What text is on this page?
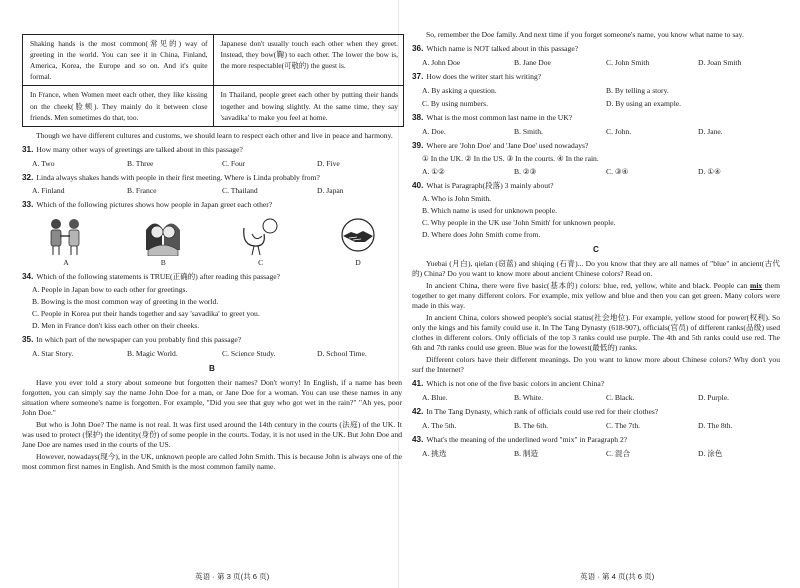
Shaking hands is the most common(常见的) way of greeting in the world. You can see it in China, Finland, America, Korea, the Europe and so on. And it's quite formal.	Japanese don't usually touch each other when they greet. Instead, they bow(鞠) to each other. The lower the bow is, the more respectable(可敬的) the guest is.
In France, when Women meet each other, they like kissing on the cheek(脸颊). They mainly do it between close friends. Men sometimes do that, too.	In Thailand, people greet each other by putting their hands together and bowing slightly. At the same time, they say 'savadika' to make you feel at home.

Though we have different cultures and customs, we should learn to respect each other and live in peace and harmony.

31. How many other ways of greetings are talked about in this passage?
A. Two	B. Three	C. Four	D. Five
32. Linda always shakes hands with people in their first meeting. Where is Linda probably from?
A. Finland	B. France	C. Thailand	D. Japan
33. Which of the following pictures shows how people in Japan greet each other?
A	B	C	D
34. Which of the following statements is TRUE(正确的) after reading this passage?
A. People in Japan bow to each other for greetings.
B. Bowing is the most common way of greeting in the world.
C. People in Korea put their hands together and say 'savadika' to greet you.
D. Men in France don't kiss each other on their cheeks.
35. In which part of the newspaper can you probably find this passage?
A. Star Story.	B. Magic World.	C. Science Study.	D. School Time.
B

Have you ever told a story about someone but forgotten their names? Don't worry! In English, if a name has been forgotten, you can simply say the name John Doe for a man, or Jane Doe for a woman. You can use these names in any situation where someone's name is forgotten. For example, "Did you see that guy who got wet in the rain?" "Ah yes, poor John Doe."

But who is John Doe? The name is not real. It was first used around the 14th century in the courts (法庭) of the UK. It was used to protect (保护) the identity(身份) of some people in the courts. Today, it is not used in the UK. But John Doe and Jane Doe are names used in the courts of the US.

However, nowadays(现今), in the UK, unknown people are called John Smith. This is because John is always one of the most common first names in English. And Smith is the most common family name.

英语 · 第 3 页(共 6 页)

So, remember the Doe family. And next time if you forget someone's name, you know what name to say.

36. Which name is NOT talked about in this passage?
A. John Doe	B. Jane Doe	C. John Smith	D. Joan Smith
37. How does the writer start his writing?
A. By asking a question.	B. By telling a story.
C. By using numbers.	D. By using an example.
38. What is the most common last name in the UK?
A. Doe.	B. Smith.	C. John.	D. Jane.
39. Where are 'John Doe' and 'Jane Doe' used nowadays?
① In the UK. ② In the US. ③ In the courts. ④ In the rain.
A. ①②	B. ②③	C. ③④	D. ①④
40. What is Paragraph(段落) 3 mainly about?
A. Who is John Smith.
B. Which name is used for unknown people.
C. Why people in the UK use 'John Smith' for unknown people.
D. Where does John Smith come from.
C

Yuebai (月白), qielan (窃蓝) and shiqing (石青)... Do you know that they are all names of "blue" in ancient(古代的) China? Do you want to know more about ancient Chinese colors? Read on.

In ancient China, there were five basic(基本的) colors: blue, red, yellow, white and black. People can mix them together to get many different colors. For example, mix yellow and blue and then you can get green. Many colors were made in this way.

In ancient China, colors showed people's social status(社会地位). For example, yellow stood for power(权利). So only the kings and his family could use it. In The Tang Dynasty (618-907), officials(官员) of different ranks(品级) used clothes in different colors. Only officials of the top 3 ranks could use purple. The 4th and 5th ranks could use red. The 6th and 7th ranks could use green. Blue was for the lowest(最低的) ranks.

Different colors have their different meanings. Do you want to know more about Chinese colors? Why don't you surf the Internet?

41. Which is not one of the five basic colors in ancient China?
A. Blue.	B. White.	C. Black.	D. Purple.
42. In The Tang Dynasty, which rank of officials could use red for their clothes?
A. The 5th.	B. The 6th.	C. The 7th.	D. The 8th.
43. What's the meaning of the underlined word "mix" in Paragraph 2?
A. 挑选	B. 制造	C. 混合	D. 涂色
英语 · 第 4 页(共 6 页)
